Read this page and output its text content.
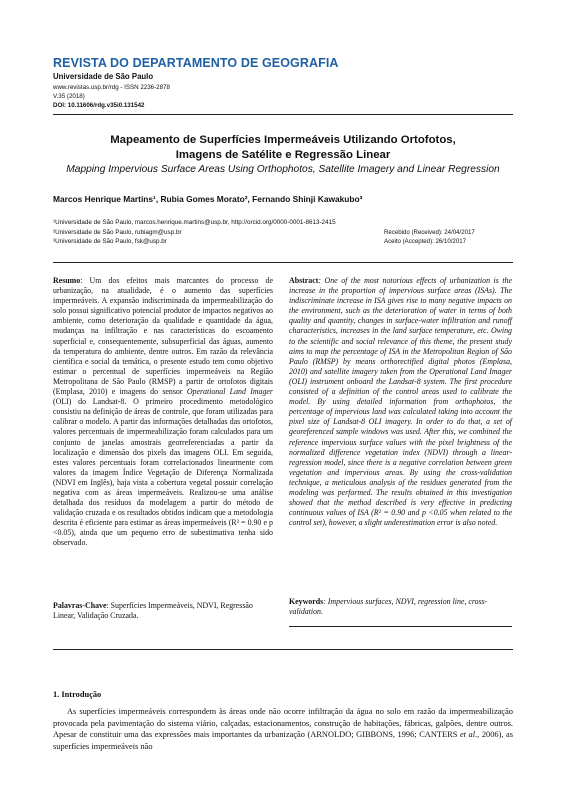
REVISTA DO DEPARTAMENTO DE GEOGRAFIA
Universidade de São Paulo
www.revistas.usp.br/rdg - ISSN 2236-2878
V.35 (2018)
DOI: 10.11606/rdg.v35i0.131542
Mapeamento de Superfícies Impermeáveis Utilizando Ortofotos,
Imagens de Satélite e Regressão Linear
Mapping Impervious Surface Areas Using Orthophotos, Satellite Imagery and Linear Regression
Marcos Henrique Martins¹, Rubia Gomes Morato², Fernando Shinji Kawakubo³
¹Universidade de São Paulo, marcos.henrique.martins@usp.br, http://orcid.org/0000-0001-8613-2415
²Universidade de São Paulo, rubiagm@usp.br
³Universidade de São Paulo, fsk@usp.br
Recebido (Received): 24/04/2017
Aceito (Accepted): 26/10/2017
Resumo: Um dos efeitos mais marcantes do processo de urbanização, na atualidade, é o aumento das superfícies impermeáveis. A expansão indiscriminada da impermeabilização do solo possui significativo potencial produtor de impactos negativos ao ambiente, como deterioração da qualidade e quantidade da água, mudanças na infiltração e nas características do escoamento superficial e, consequentemente, subsuperficial das águas, aumento da temperatura do ambiente, dentre outros. Em razão da relevância científica e social da temática, o presente estudo tem como objetivo estimar o percentual de superfícies impermeáveis na Região Metropolitana de São Paulo (RMSP) a partir de ortofotos digitais (Emplasa, 2010) e imagens do sensor Operational Land Imager (OLI) do Landsat-8. O primeiro procedimento metodológico consistiu na definição de áreas de controle, que foram utilizadas para calibrar o modelo. A partir das informações detalhadas das ortofotos, valores percentuais de impermeabilização foram calculados para um conjunto de janelas amostrais georreferenciadas a partir da localização e dimensão dos pixels das imagens OLI. Em seguida, estes valores percentuais foram correlacionados linearmente com valores da imagem Índice Vegetação de Diferença Normalizada (NDVI em Inglês), haja vista a cobertura vegetal possuir correlação negativa com as áreas impermeáveis. Realizou-se uma análise detalhada dos resíduos da modelagem a partir do método de validação cruzada e os resultados obtidos indicam que a metodologia descrita é eficiente para estimar as áreas impermeáveis (R² = 0.90 e p <0.05), ainda que um pequeno erro de subestimativa tenha sido observado.
Palavras-Chave: Superfícies Impermeáveis, NDVI, Regressão Linear, Validação Cruzada.
Abstract: One of the most notorious effects of urbanization is the increase in the proportion of impervious surface areas (ISAs). The indiscriminate increase in ISA gives rise to many negative impacts on the environment, such as the deterioration of water in terms of both quality and quantity, changes in surface-water infiltration and runoff characteristics, increases in the land surface temperature, etc. Owing to the scientific and social relevance of this theme, the present study aims to map the percentage of ISA in the Metropolitan Region of São Paulo (RMSP) by means orthorectified digital photos (Emplasa, 2010) and satellite imagery taken from the Operational Land Imager (OLI) instrument onboard the Landsat-8 system. The first procedure consisted of a definition of the control areas used to calibrate the model. By using detailed information from orthophotos, the percentage of impervious land was calculated taking into account the pixel size of Landsat-8 OLI imagery. In order to do that, a set of georeferenced sample windows was used. After this, we combined the reference impervious surface values with the pixel brightness of the normalized difference vegetation index (NDVI) through a linear-regression model, since there is a negative correlation between green vegetation and impervious areas. By using the cross-validation technique, a meticulous analysis of the residues generated from the modeling was performed. The results obtained in this investigation showed that the method described is very effective in predicting continuous values of ISA (R² = 0.90 and p <0.05 when related to the control set), however, a slight underestimation error is also noted.
Keywords: Impervious surfaces, NDVI, regression line, cross-validation.
1. Introdução
As superfícies impermeáveis correspondem às áreas onde não ocorre infiltração da água no solo em razão da impermeabilização provocada pela pavimentação do sistema viário, calçadas, estacionamentos, construção de habitações, fábricas, galpões, dentre outros. Apesar de constituir uma das expressões mais importantes da urbanização (ARNOLDO; GIBBONS, 1996; CANTERS et al., 2006), as superfícies impermeáveis não
